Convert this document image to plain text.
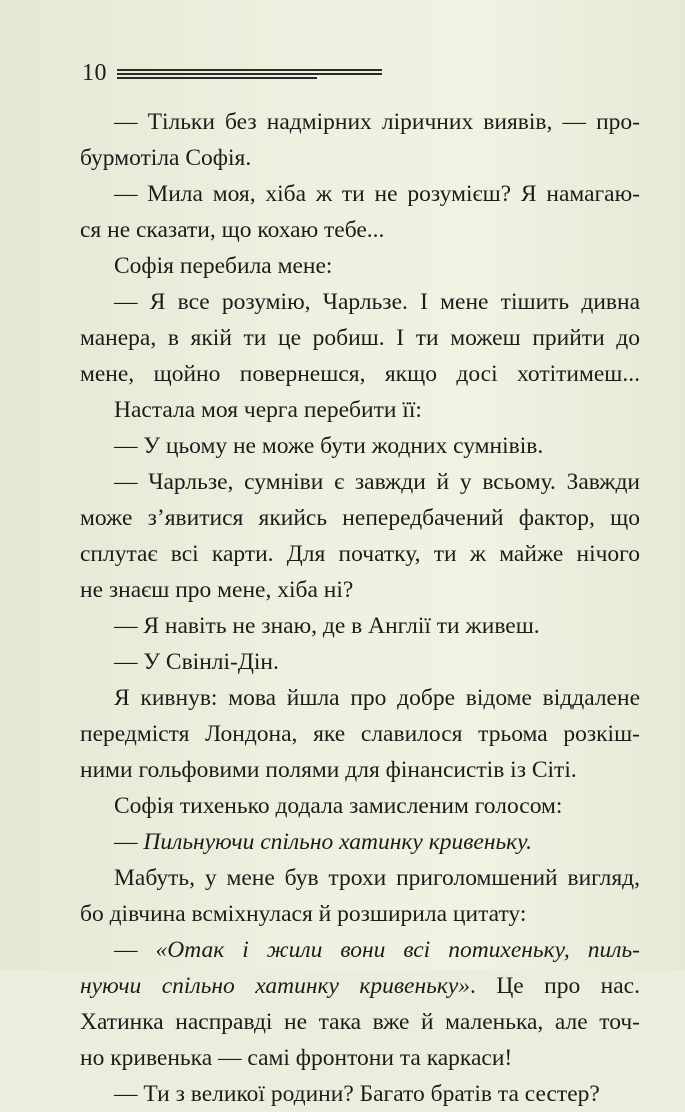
10
— Тільки без надмірних ліричних виявів, — про-
бурмотіла Софія.
— Мила моя, хіба ж ти не розумієш? Я намагаю-
ся не сказати, що кохаю тебе...
Софія перебила мене:
— Я все розумію, Чарльзе. І мене тішить дивна
манера, в якій ти це робиш. І ти можеш прийти до
мене, щойно повернешся, якщо досі хотітимеш...
Настала моя черга перебити її:
— У цьому не може бути жодних сумнівів.
— Чарльзе, сумніви є завжди й у всьому. Завжди
може з’явитися якийсь непередбачений фактор, що
сплутає всі карти. Для початку, ти ж майже нічого
не знаєш про мене, хіба ні?
— Я навіть не знаю, де в Англії ти живеш.
— У Свінлі-Дін.
Я кивнув: мова йшла про добре відоме віддалене
передмістя Лондона, яке славилося трьома розкіш-
ними гольфовими полями для фінансистів із Сіті.
Софія тихенько додала замисленим голосом:
— Пильнуючи спільно хатинку кривеньку.
Мабуть, у мене був трохи приголомшений вигляд,
бо дівчина всміхнулася й розширила цитату:
— «Отак і жили вони всі потихеньку, пиль-
нуючи спільно хатинку кривеньку». Це про нас.
Хатинка насправді не така вже й маленька, але точ-
но кривенька — самі фронтони та каркаси!
— Ти з великої родини? Багато братів та сестер?
